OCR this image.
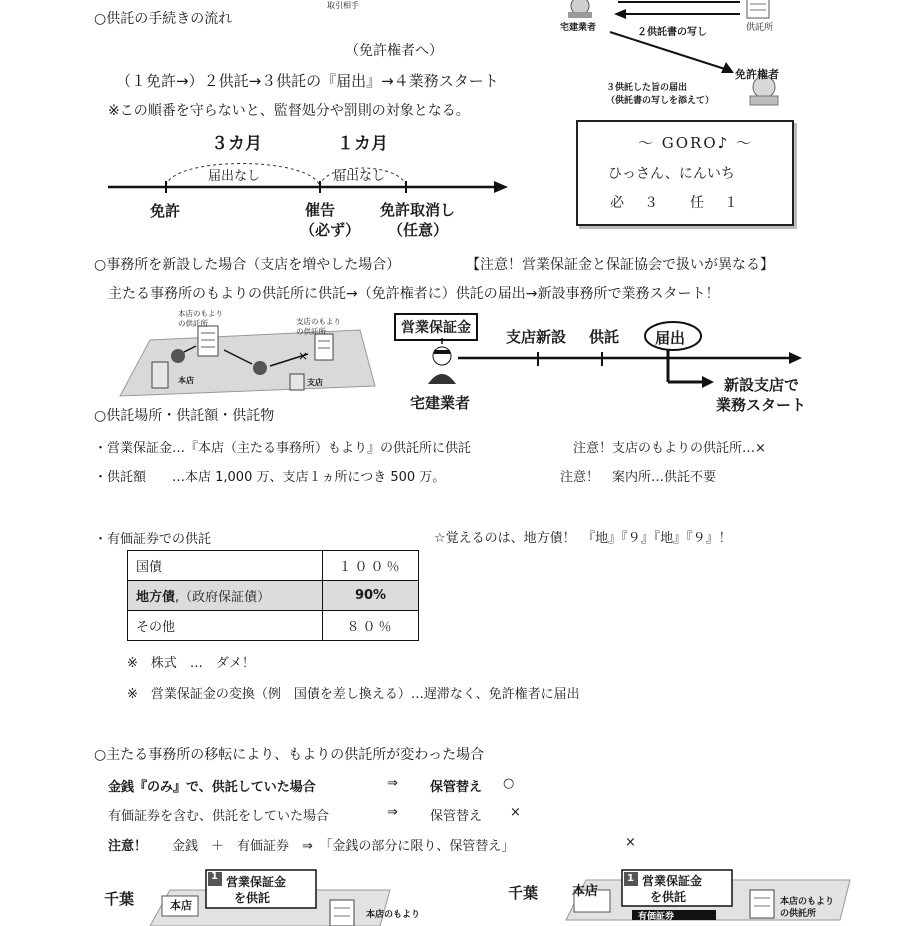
○供託の手続きの流れ
（免許権者へ）
（１免許→）２供託→３供託の『届出』→４業務スタート
※この順番を守らないと、監督処分や罰則の対象となる。
取引相手
宅建業者	２供託書の写し	供託所
免許権者
３供託した旨の届出
（供託書の写しを添えて）
～ GORO♪ ～
ひっさん、にんいち
必 ３ 任 １
３カ月	１カ月
届出なし	届出なし
免許	催告
（必ず）
免許取消し
（任意）
○事務所を新設した場合（支店を増やした場合）	【注意！営業保証金と保証協会で扱いが異なる】
主たる事務所のもよりの供託所に供託→（免許権者に）供託の届出→新設事務所で業務スタート！
×
本店のもより
の供託所	支店のもより
の供託所
本店	支店
営業保証金	支店新設 供託 届出
新設支店で
業務スタート
宅建業者
○供託場所・供託額・供託物
・営業保証金…『本店（主たる事務所）もより』の供託所に供託	注意！支店のもよりの供託所…×
・供託額　　…本店 1,000 万、支店１ヵ所につき 500 万。	注意！　案内所…供託不要
・有価証券での供託	☆覚えるのは、地方債！　『地』『９』『地』『９』！
国債	１００％
地方債,（政府保証債）	90%
その他	８０％
※　株式　…　ダメ！
※　営業保証金の変換（例　国債を差し換える）…遅滞なく、免許権者に届出
○主たる事務所の移転により、もよりの供託所が変わった場合
金銭『のみ』で、供託していた場合	⇒ 保管替え ○
有価証券を含む、供託をしていた場合	⇒ 保管替え ×
注意！ 金銭　＋　有価証券　⇒　「金銭の部分に限り、保管替え」	×
千葉
1
本店
営業保証金
を供託
本店のもより
千葉
1
本店
営業保証金
を供託
有価証券
本店のもより
の供託所
